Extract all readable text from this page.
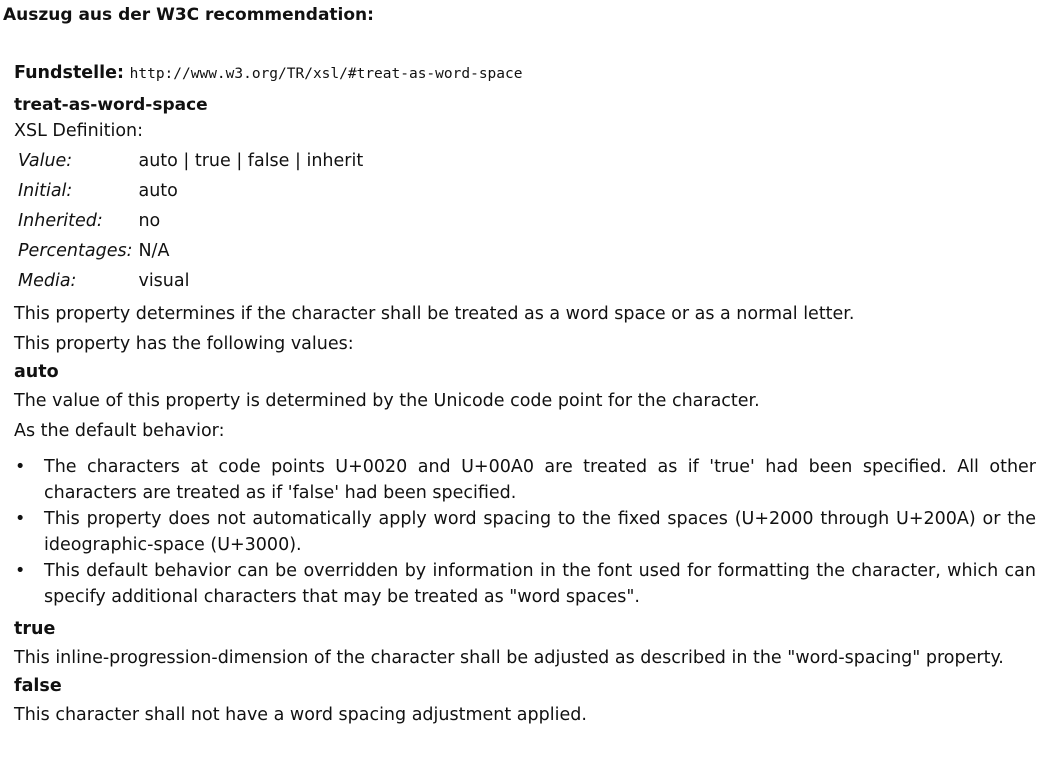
Auszug aus der W3C recommendation:
Fundstelle: http://www.w3.org/TR/xsl/#treat-as-word-space
treat-as-word-space
XSL Definition:
Value:	auto | true | false | inherit
Initial:	auto
Inherited:	no
Percentages:	N/A
Media:	visual
This property determines if the character shall be treated as a word space or as a normal letter.
This property has the following values:
auto
The value of this property is determined by the Unicode code point for the character.
As the default behavior:
• The characters at code points U+0020 and U+00A0 are treated as if 'true' had been specified. All other characters are treated as if 'false' had been specified.
• This property does not automatically apply word spacing to the fixed spaces (U+2000 through U+200A) or the ideographic-space (U+3000).
• This default behavior can be overridden by information in the font used for formatting the character, which can specify additional characters that may be treated as "word spaces".
true
This inline-progression-dimension of the character shall be adjusted as described in the "word-spacing" property.
false
This character shall not have a word spacing adjustment applied.
